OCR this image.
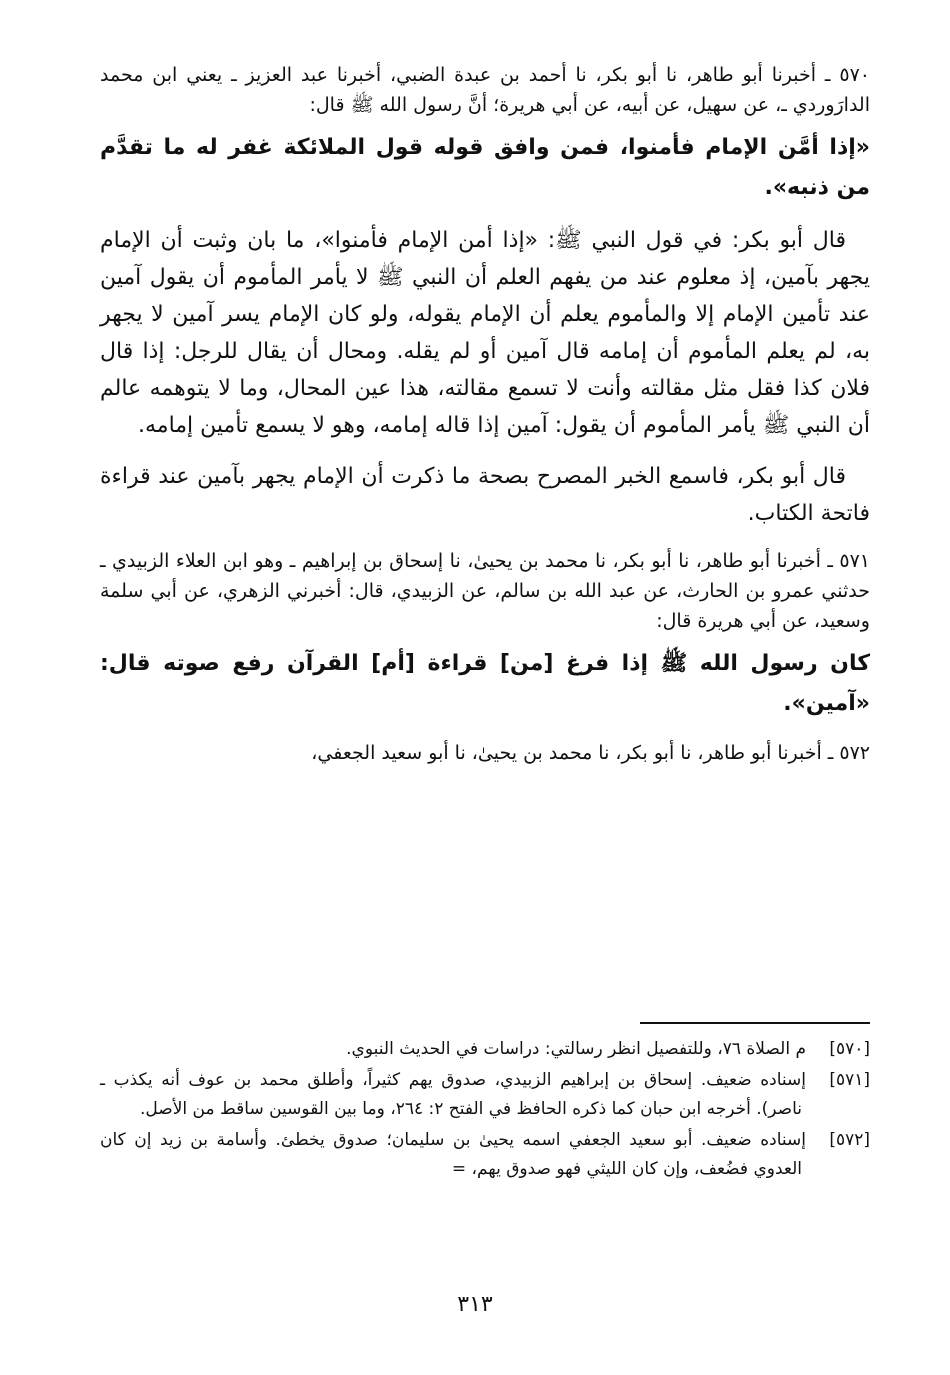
٥٧٠ ـ أخبرنا أبو طاهر، نا أبو بكر، نا أحمد بن عبدة الضبي، أخبرنا عبد العزيز ـ يعني ابن محمد الدارَوردي ـ، عن سهيل، عن أبيه، عن أبي هريرة؛ أنَّ رسول الله ﷺ قال:

«إذا أمَّن الإمام فأمنوا، فمن وافق قوله قول الملائكة غفر له ما تقدَّم من ذنبه».

قال أبو بكر: في قول النبي ﷺ: «إذا أمن الإمام فأمنوا»، ما بان وثبت أن الإمام يجهر بآمين، إذ معلوم عند من يفهم العلم أن النبي ﷺ لا يأمر المأموم أن يقول آمين عند تأمين الإمام إلا والمأموم يعلم أن الإمام يقوله، ولو كان الإمام يسر آمين لا يجهر به، لم يعلم المأموم أن إمامه قال آمين أو لم يقله. ومحال أن يقال للرجل: إذا قال فلان كذا فقل مثل مقالته وأنت لا تسمع مقالته، هذا عين المحال، وما لا يتوهمه عالم أن النبي ﷺ يأمر المأموم أن يقول: آمين إذا قاله إمامه، وهو لا يسمع تأمين إمامه.

قال أبو بكر، فاسمع الخبر المصرح بصحة ما ذكرت أن الإمام يجهر بآمين عند قراءة فاتحة الكتاب.

٥٧١ ـ أخبرنا أبو طاهر، نا أبو بكر، نا محمد بن يحيىٰ، نا إسحاق بن إبراهيم ـ وهو ابن العلاء الزبيدي ـ حدثني عمرو بن الحارث، عن عبد الله بن سالم، عن الزبيدي، قال: أخبرني الزهري، عن أبي سلمة وسعيد، عن أبي هريرة قال:

كان رسول الله ﷺ إذا فرغ [من] قراءة [أم] القرآن رفع صوته قال: «آمين».

٥٧٢ ـ أخبرنا أبو طاهر، نا أبو بكر، نا محمد بن يحيىٰ، نا أبو سعيد الجعفي،

[٥٧٠]م الصلاة ٧٦، وللتفصيل انظر رسالتي: دراسات في الحديث النبوي.

[٥٧١]إسناده ضعيف. إسحاق بن إبراهيم الزبيدي، صدوق يهم كثيراً، وأطلق محمد بن عوف أنه يكذب ـ ناصر). أخرجه ابن حبان كما ذكره الحافظ في الفتح ٢: ٢٦٤، وما بين القوسين ساقط من الأصل.

[٥٧٢]إسناده ضعيف. أبو سعيد الجعفي اسمه يحيىٰ بن سليمان؛ صدوق يخطئ. وأسامة بن زيد إن كان العدوي فضُعف، وإن كان الليثي فهو صدوق يهم، =

٣١٣
